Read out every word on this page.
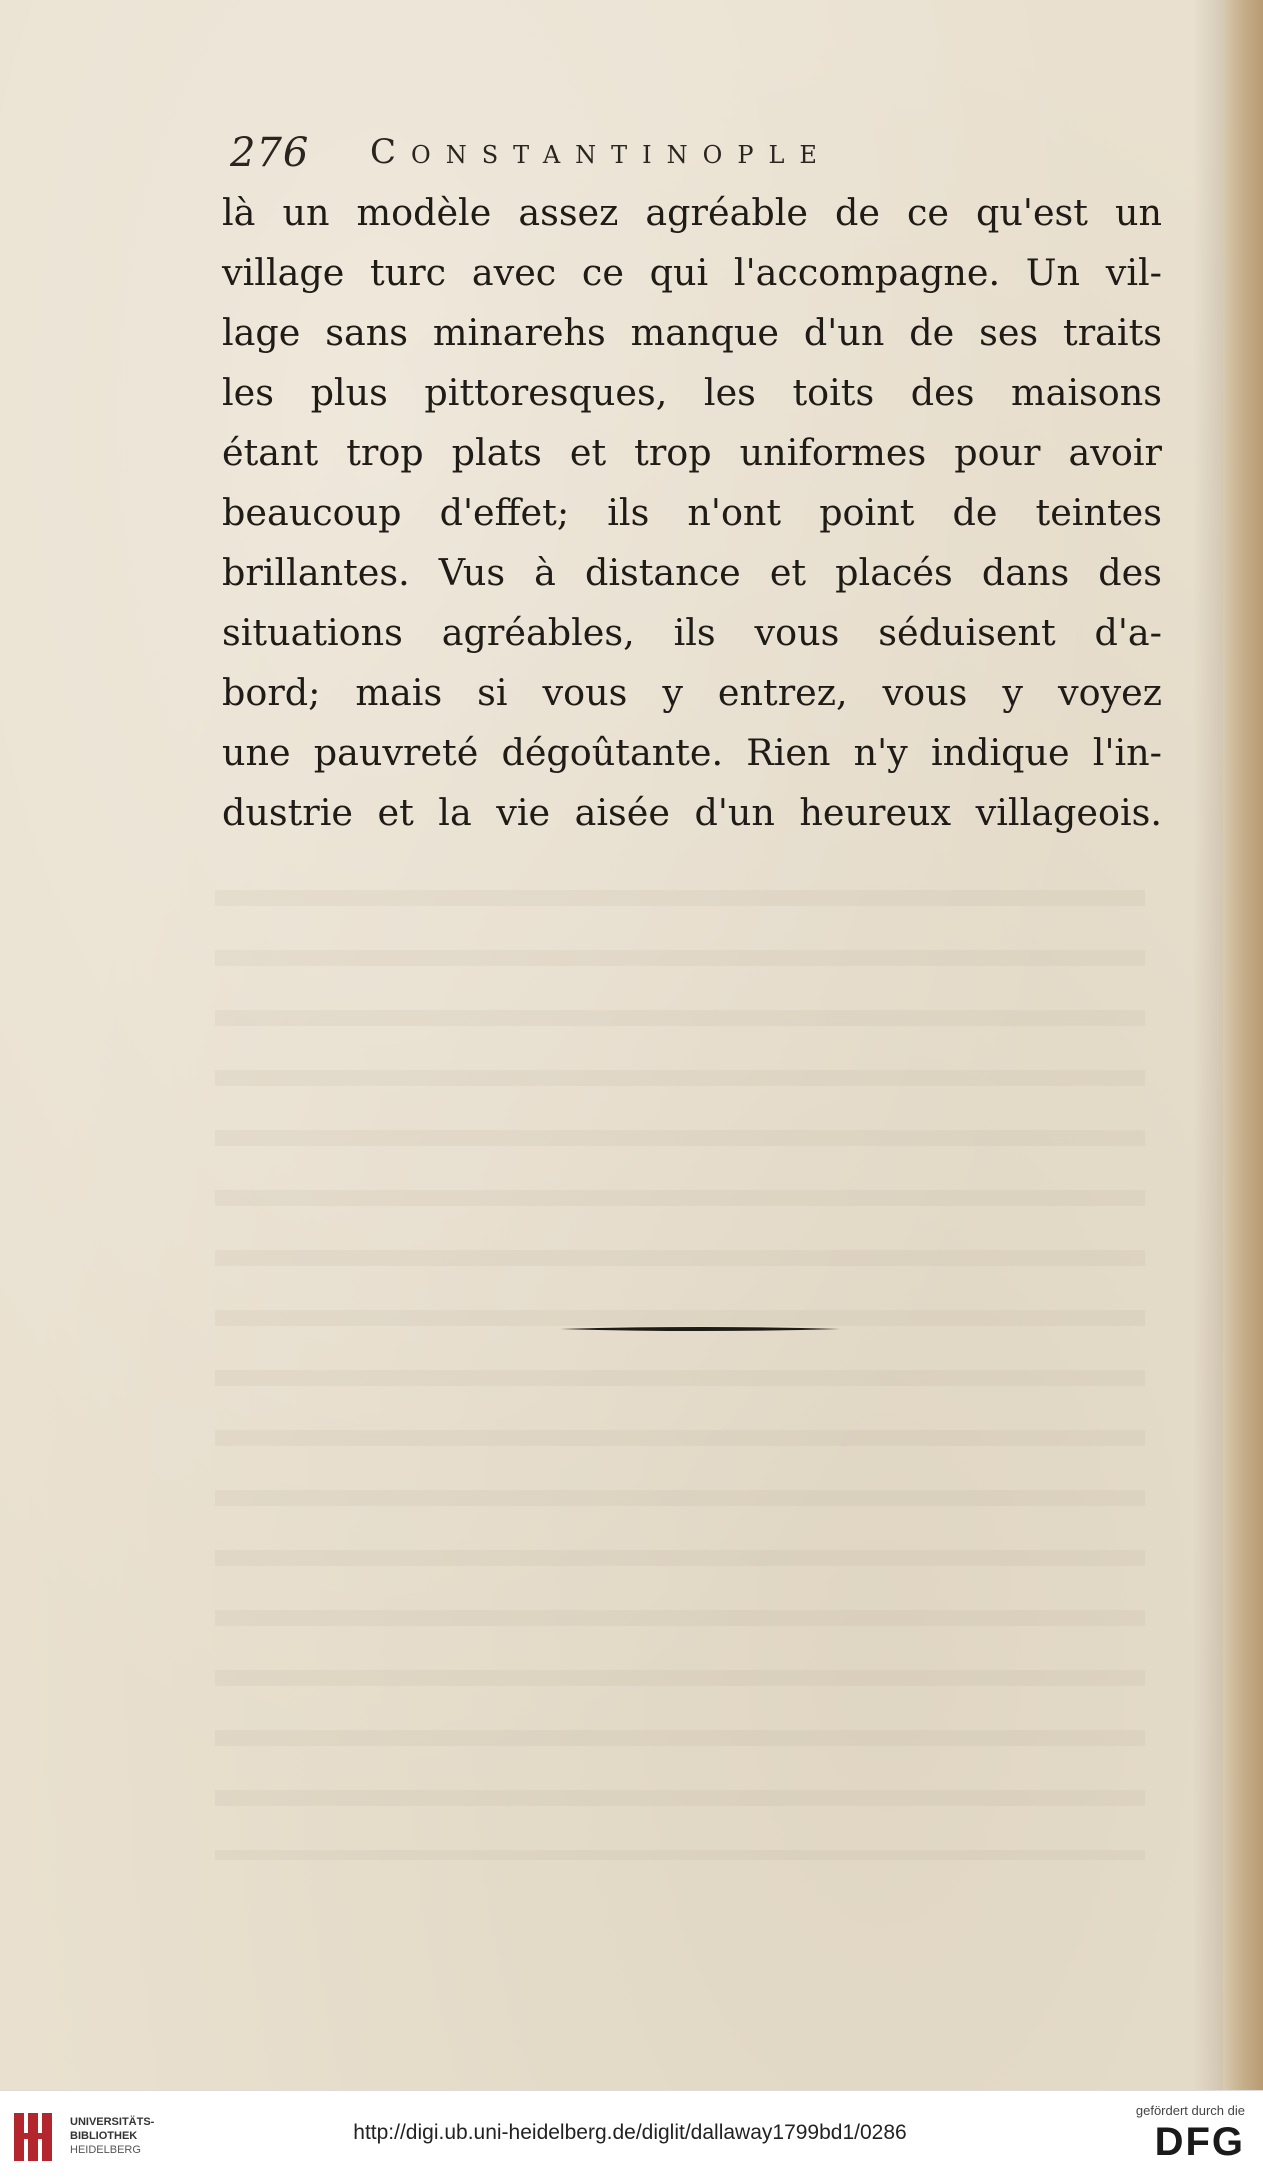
276 Constantinople
là un modèle assez agréable de ce qu'est un
village turc avec ce qui l'accompagne. Un vil-
lage sans minarehs manque d'un de ses traits
les plus pittoresques, les toits des maisons
étant trop plats et trop uniformes pour avoir
beaucoup d'effet; ils n'ont point de teintes
brillantes. Vus à distance et placés dans des
situations agréables, ils vous séduisent d'a-
bord; mais si vous y entrez, vous y voyez
une pauvreté dégoûtante. Rien n'y indique l'in-
dustrie et la vie aisée d'un heureux villageois.
UNIVERSITÄTS-
BIBLIOTHEK
HEIDELBERG
http://digi.ub.uni-heidelberg.de/diglit/dallaway1799bd1/0286
gefördert durch die
DFG
